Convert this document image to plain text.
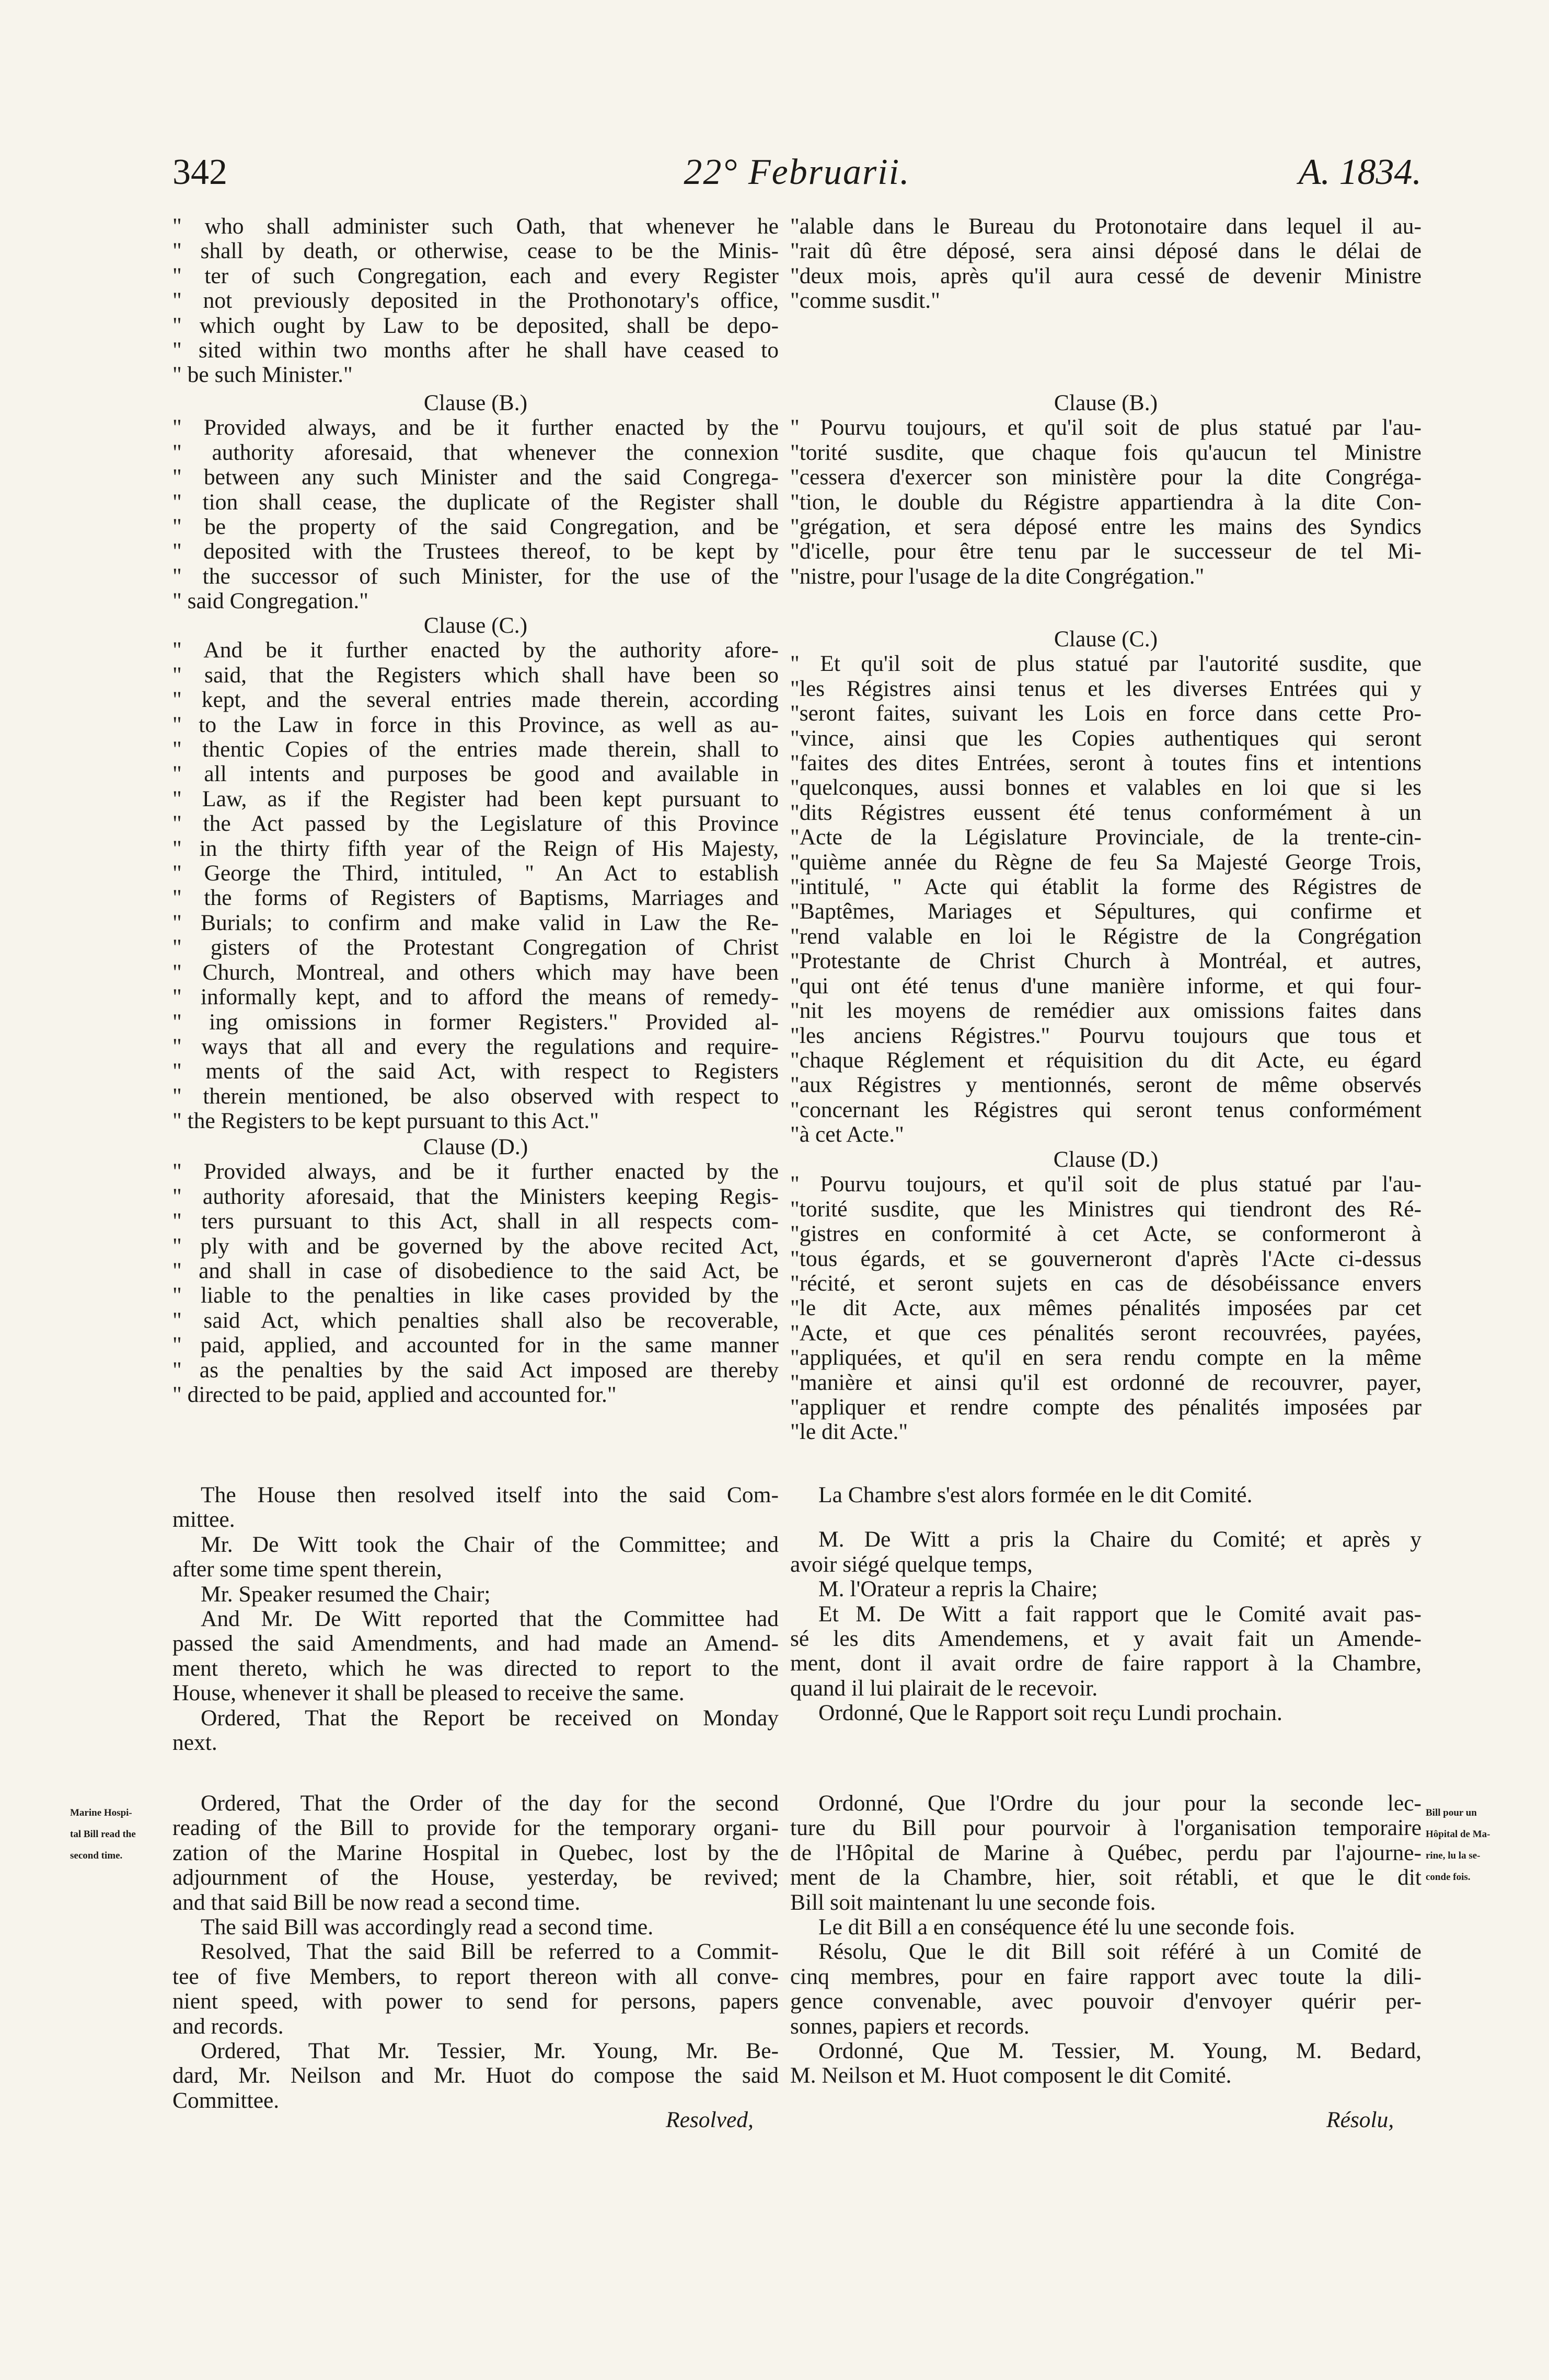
342	22° Februarii.	A. 1834.

" who shall administer such Oath, that whenever he

" shall by death, or otherwise, cease to be the Minis-

" ter of such Congregation, each and every Register

" not previously deposited in the Prothonotary's office,

" which ought by Law to be deposited, shall be depo-

" sited within two months after he shall have ceased to

" be such Minister."

Clause (B.)

" Provided always, and be it further enacted by the

" authority aforesaid, that whenever the connexion

" between any such Minister and the said Congrega-

" tion shall cease, the duplicate of the Register shall

" be the property of the said Congregation, and be

" deposited with the Trustees thereof, to be kept by

" the successor of such Minister, for the use of the

" said Congregation."

Clause (C.)

" And be it further enacted by the authority afore-

" said, that the Registers which shall have been so

" kept, and the several entries made therein, according

" to the Law in force in this Province, as well as au-

" thentic Copies of the entries made therein, shall to

" all intents and purposes be good and available in

" Law, as if the Register had been kept pursuant to

" the Act passed by the Legislature of this Province

" in the thirty fifth year of the Reign of His Majesty,

" George the Third, intituled, " An Act to establish

" the forms of Registers of Baptisms, Marriages and

" Burials; to confirm and make valid in Law the Re-

" gisters of the Protestant Congregation of Christ

" Church, Montreal, and others which may have been

" informally kept, and to afford the means of remedy-

" ing omissions in former Registers." Provided al-

" ways that all and every the regulations and require-

" ments of the said Act, with respect to Registers

" therein mentioned, be also observed with respect to

" the Registers to be kept pursuant to this Act."

Clause (D.)

" Provided always, and be it further enacted by the

" authority aforesaid, that the Ministers keeping Regis-

" ters pursuant to this Act, shall in all respects com-

" ply with and be governed by the above recited Act,

" and shall in case of disobedience to the said Act, be

" liable to the penalties in like cases provided by the

" said Act, which penalties shall also be recoverable,

" paid, applied, and accounted for in the same manner

" as the penalties by the said Act imposed are thereby

" directed to be paid, applied and accounted for."

The House then resolved itself into the said Com-

mittee.

Mr. De Witt took the Chair of the Committee; and

after some time spent therein,

Mr. Speaker resumed the Chair;

And Mr. De Witt reported that the Committee had

passed the said Amendments, and had made an Amend-

ment thereto, which he was directed to report to the

House, whenever it shall be pleased to receive the same.

Ordered, That the Report be received on Monday

next.

Ordered, That the Order of the day for the second

reading of the Bill to provide for the temporary organi-

zation of the Marine Hospital in Quebec, lost by the

adjournment of the House, yesterday, be revived;

and that said Bill be now read a second time.

The said Bill was accordingly read a second time.

Resolved, That the said Bill be referred to a Commit-

tee of five Members, to report thereon with all conve-

nient speed, with power to send for persons, papers

and records.

Ordered, That Mr. Tessier, Mr. Young, Mr. Be-

dard, Mr. Neilson and Mr. Huot do compose the said

Committee.

"alable dans le Bureau du Protonotaire dans lequel il au-

"rait dû être déposé, sera ainsi déposé dans le délai de

"deux mois, après qu'il aura cessé de devenir Ministre

"comme susdit."

Clause (B.)

" Pourvu toujours, et qu'il soit de plus statué par l'au-

"torité susdite, que chaque fois qu'aucun tel Ministre

"cessera d'exercer son ministère pour la dite Congréga-

"tion, le double du Régistre appartiendra à la dite Con-

"grégation, et sera déposé entre les mains des Syndics

"d'icelle, pour être tenu par le successeur de tel Mi-

"nistre, pour l'usage de la dite Congrégation."

Clause (C.)

" Et qu'il soit de plus statué par l'autorité susdite, que

"les Régistres ainsi tenus et les diverses Entrées qui y

"seront faites, suivant les Lois en force dans cette Pro-

"vince, ainsi que les Copies authentiques qui seront

"faites des dites Entrées, seront à toutes fins et intentions

"quelconques, aussi bonnes et valables en loi que si les

"dits Régistres eussent été tenus conformément à un

"Acte de la Législature Provinciale, de la trente-cin-

"quième année du Règne de feu Sa Majesté George Trois,

"intitulé, " Acte qui établit la forme des Régistres de

"Baptêmes, Mariages et Sépultures, qui confirme et

"rend valable en loi le Régistre de la Congrégation

"Protestante de Christ Church à Montréal, et autres,

"qui ont été tenus d'une manière informe, et qui four-

"nit les moyens de remédier aux omissions faites dans

"les anciens Régistres." Pourvu toujours que tous et

"chaque Réglement et réquisition du dit Acte, eu égard

"aux Régistres y mentionnés, seront de même observés

"concernant les Régistres qui seront tenus conformément

"à cet Acte."

Clause (D.)

" Pourvu toujours, et qu'il soit de plus statué par l'au-

"torité susdite, que les Ministres qui tiendront des Ré-

"gistres en conformité à cet Acte, se conformeront à

"tous égards, et se gouverneront d'après l'Acte ci-dessus

"récité, et seront sujets en cas de désobéissance envers

"le dit Acte, aux mêmes pénalités imposées par cet

"Acte, et que ces pénalités seront recouvrées, payées,

"appliquées, et qu'il en sera rendu compte en la même

"manière et ainsi qu'il est ordonné de recouvrer, payer,

"appliquer et rendre compte des pénalités imposées par

"le dit Acte."

La Chambre s'est alors formée en le dit Comité.

M. De Witt a pris la Chaire du Comité; et après y

avoir siégé quelque temps,

M. l'Orateur a repris la Chaire;

Et M. De Witt a fait rapport que le Comité avait pas-

sé les dits Amendemens, et y avait fait un Amende-

ment, dont il avait ordre de faire rapport à la Chambre,

quand il lui plairait de le recevoir.

Ordonné, Que le Rapport soit reçu Lundi prochain.

Ordonné, Que l'Ordre du jour pour la seconde lec-

ture du Bill pour pourvoir à l'organisation temporaire

de l'Hôpital de Marine à Québec, perdu par l'ajourne-

ment de la Chambre, hier, soit rétabli, et que le dit

Bill soit maintenant lu une seconde fois.

Le dit Bill a en conséquence été lu une seconde fois.

Résolu, Que le dit Bill soit référé à un Comité de

cinq membres, pour en faire rapport avec toute la dili-

gence convenable, avec pouvoir d'envoyer quérir per-

sonnes, papiers et records.

Ordonné, Que M. Tessier, M. Young, M. Bedard,

M. Neilson et M. Huot composent le dit Comité.

Marine Hospi-

tal Bill read the

second time.

Bill pour un

Hôpital de Ma-

rine, lu la se-

conde fois.

Resolved,	Résolu,
